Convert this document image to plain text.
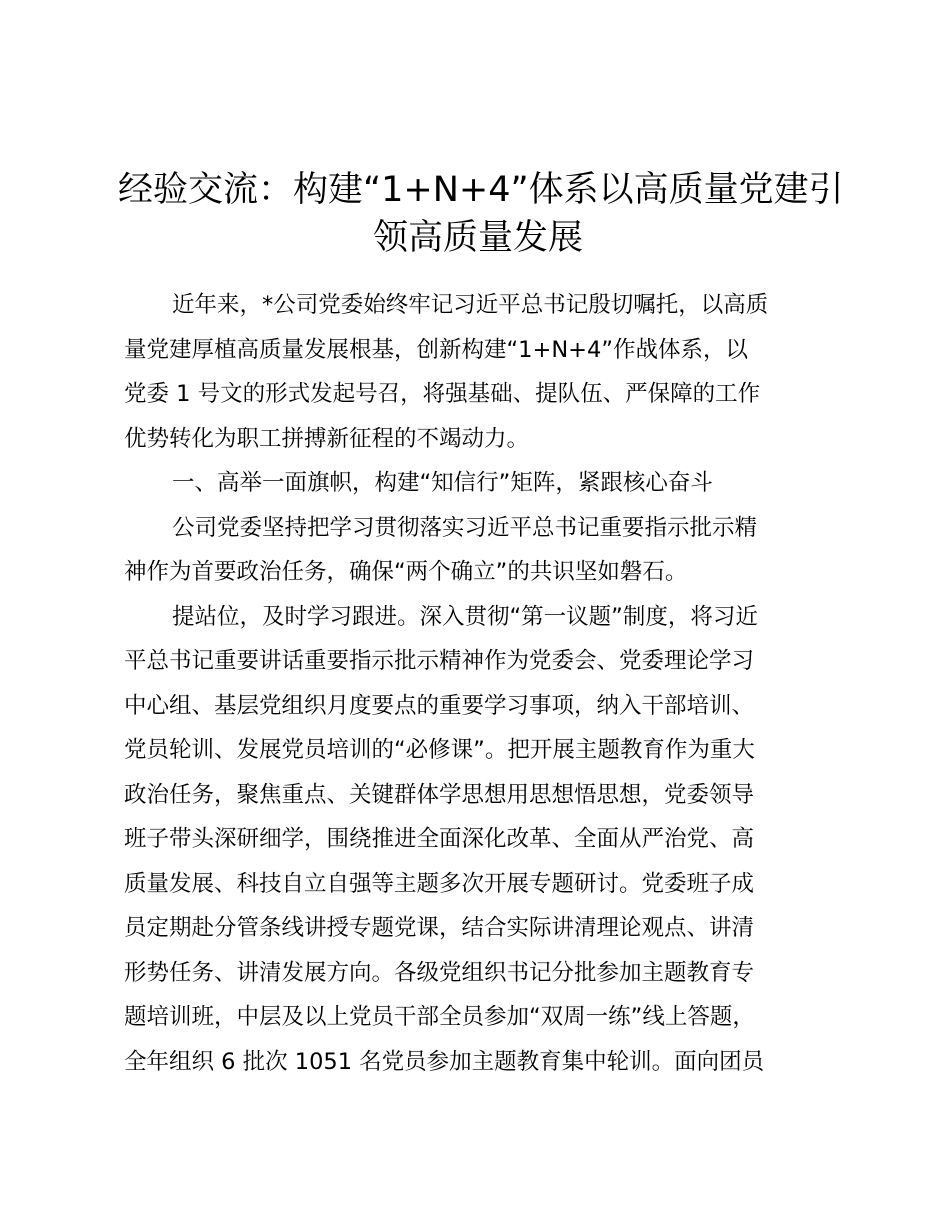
经验交流：构建“1+N+4”体系以高质量党建引
领高质量发展
近年来，*公司党委始终牢记习近平总书记殷切嘱托，以高质
量党建厚植高质量发展根基，创新构建“1+N+4”作战体系，以
党委 1 号文的形式发起号召，将强基础、提队伍、严保障的工作
优势转化为职工拼搏新征程的不竭动力。
一、高举一面旗帜，构建“知信行”矩阵，紧跟核心奋斗
公司党委坚持把学习贯彻落实习近平总书记重要指示批示精
神作为首要政治任务，确保“两个确立”的共识坚如磐石。
提站位，及时学习跟进。深入贯彻“第一议题”制度，将习近
平总书记重要讲话重要指示批示精神作为党委会、党委理论学习
中心组、基层党组织月度要点的重要学习事项，纳入干部培训、
党员轮训、发展党员培训的“必修课”。把开展主题教育作为重大
政治任务，聚焦重点、关键群体学思想用思想悟思想，党委领导
班子带头深研细学，围绕推进全面深化改革、全面从严治党、高
质量发展、科技自立自强等主题多次开展专题研讨。党委班子成
员定期赴分管条线讲授专题党课，结合实际讲清理论观点、讲清
形势任务、讲清发展方向。各级党组织书记分批参加主题教育专
题培训班，中层及以上党员干部全员参加“双周一练”线上答题，
全年组织 6 批次 1051 名党员参加主题教育集中轮训。面向团员
